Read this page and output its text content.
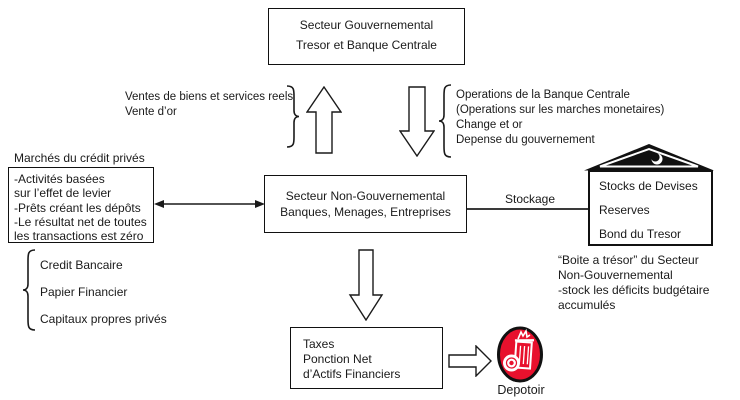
Secteur Gouvernemental
Tresor et Banque Centrale
Ventes de biens et services reels
Vente d’or
Operations de la Banque Centrale
(Operations sur les marches monetaires)
Change et or
Depense du gouvernement
Marchés du crédit privés
-Activités basées
sur l’effet de levier
-Prêts créant les dépôts
-Le résultat net de toutes
les transactions est zéro
Secteur Non-Gouvernemental
Banques, Menages, Entreprises
Stockage
Stocks de Devises
Reserves
Bond du Tresor
Credit Bancaire
Papier Financier
Capitaux propres privés
“Boite a trésor” du Secteur
Non-Gouvernemental
-stock les déficits budgétaire
accumulés
Taxes
Ponction Net
d’Actifs Financiers
Depotoir
